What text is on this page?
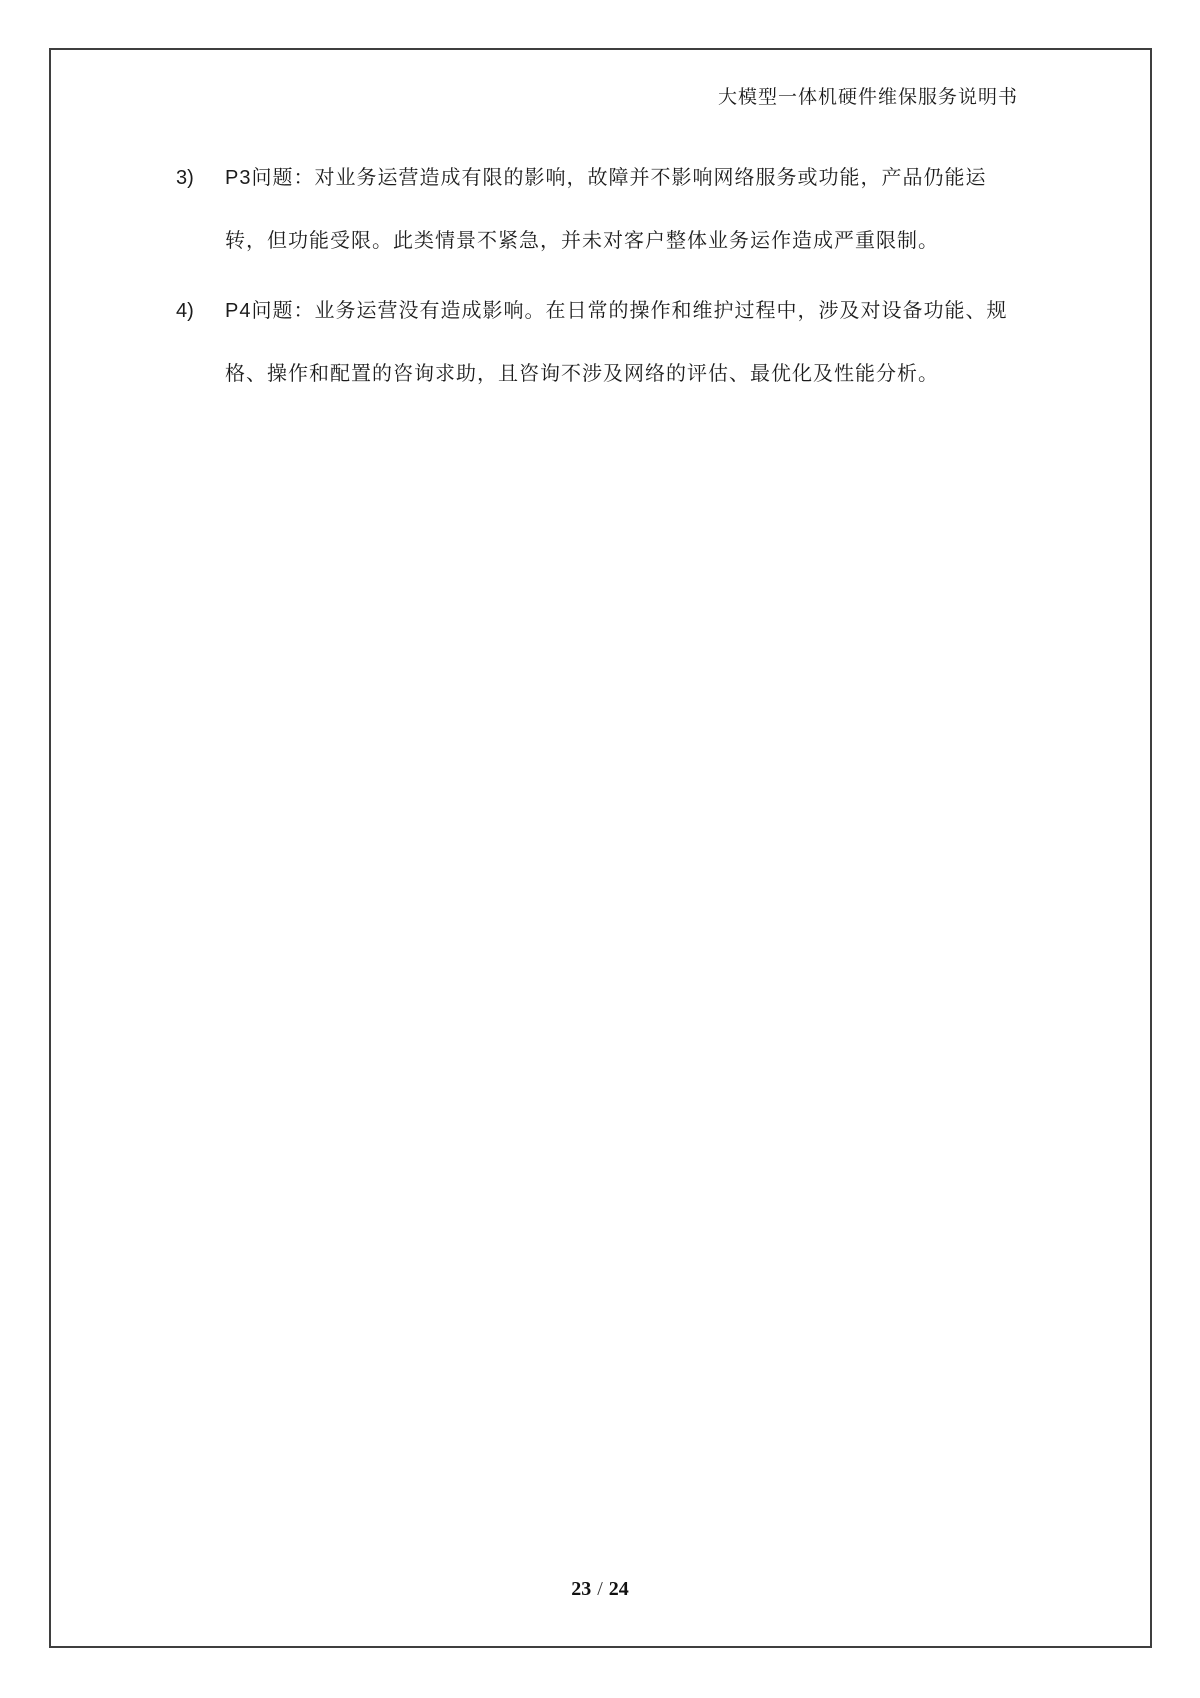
大模型一体机硬件维保服务说明书
3)	P3问题：对业务运营造成有限的影响，故障并不影响网络服务或功能，产品仍能运
转，但功能受限。此类情景不紧急，并未对客户整体业务运作造成严重限制。
4)	P4问题：业务运营没有造成影响。在日常的操作和维护过程中，涉及对设备功能、规
格、操作和配置的咨询求助，且咨询不涉及网络的评估、最优化及性能分析。
23 / 24
